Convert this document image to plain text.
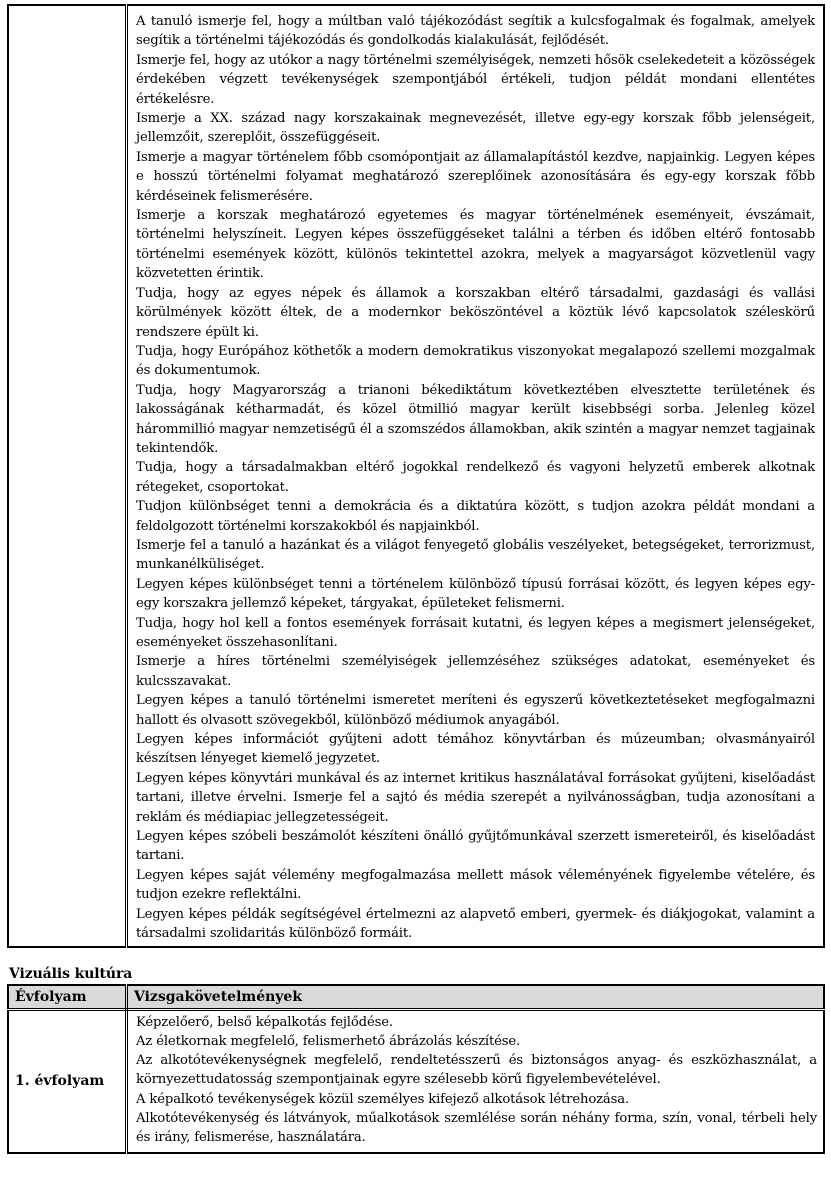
A tanuló ismerje fel, hogy a múltban való tájékozódást segítik a kulcsfogalmak és fogalmak, amelyek segítik a történelmi tájékozódás és gondolkodás kialakulását, fejlődését.

Ismerje fel, hogy az utókor a nagy történelmi személyiségek, nemzeti hősök cselekedeteit a közösségek érdekében végzett tevékenységek szempontjából értékeli, tudjon példát mondani ellentétes értékelésre.

Ismerje a XX. század nagy korszakainak megnevezését, illetve egy-egy korszak főbb jelenségeit, jellemzőit, szereplőit, összefüggéseit.

Ismerje a magyar történelem főbb csomópontjait az államalapítástól kezdve, napjainkig. Legyen képes e hosszú történelmi folyamat meghatározó szereplőinek azonosítására és egy-egy korszak főbb kérdéseinek felismerésére.

Ismerje a korszak meghatározó egyetemes és magyar történelmének eseményeit, évszámait, történelmi helyszíneit. Legyen képes összefüggéseket találni a térben és időben eltérő fontosabb történelmi események között, különös tekintettel azokra, melyek a magyarságot közvetlenül vagy közvetetten érintik.

Tudja, hogy az egyes népek és államok a korszakban eltérő társadalmi, gazdasági és vallási körülmények között éltek, de a modernkor beköszöntével a köztük lévő kapcsolatok széleskörű rendszere épült ki.

Tudja, hogy Európához köthetők a modern demokratikus viszonyokat megalapozó szellemi mozgalmak és dokumentumok.

Tudja, hogy Magyarország a trianoni békediktátum következtében elvesztette területének és lakosságának kétharmadát, és közel ötmillió magyar került kisebbségi sorba. Jelenleg közel hárommillió magyar nemzetiségű él a szomszédos államokban, akik szintén a magyar nemzet tagjainak tekintendők.

Tudja, hogy a társadalmakban eltérő jogokkal rendelkező és vagyoni helyzetű emberek alkotnak rétegeket, csoportokat.

Tudjon különbséget tenni a demokrácia és a diktatúra között, s tudjon azokra példát mondani a feldolgozott történelmi korszakokból és napjainkból.

Ismerje fel a tanuló a hazánkat és a világot fenyegető globális veszélyeket, betegségeket, terrorizmust, munkanélküliséget.

Legyen képes különbséget tenni a történelem különböző típusú forrásai között, és legyen képes egy-egy korszakra jellemző képeket, tárgyakat, épületeket felismerni.

Tudja, hogy hol kell a fontos események forrásait kutatni, és legyen képes a megismert jelenségeket, eseményeket összehasonlítani.

Ismerje a híres történelmi személyiségek jellemzéséhez szükséges adatokat, eseményeket és kulcsszavakat.

Legyen képes a tanuló történelmi ismeretet meríteni és egyszerű következtetéseket megfogalmazni hallott és olvasott szövegekből, különböző médiumok anyagából.

Legyen képes információt gyűjteni adott témához könyvtárban és múzeumban; olvasmányairól készítsen lényeget kiemelő jegyzetet.

Legyen képes könyvtári munkával és az internet kritikus használatával forrásokat gyűjteni, kiselőadást tartani, illetve érvelni. Ismerje fel a sajtó és média szerepét a nyilvánosságban, tudja azonosítani a reklám és médiapiac jellegzetességeit.

Legyen képes szóbeli beszámolót készíteni önálló gyűjtőmunkával szerzett ismereteiről, és kiselőadást tartani.

Legyen képes saját vélemény megfogalmazása mellett mások véleményének figyelembe vételére, és tudjon ezekre reflektálni.

Legyen képes példák segítségével értelmezni az alapvető emberi, gyermek- és diákjogokat, valamint a társadalmi szolidaritás különböző formáit.

Vizuális kultúra
Évfolyam	Vizsgakövetelmények
1. évfolyam	Képzelőerő, belső képalkotás fejlődése.

Az életkornak megfelelő, felismerhető ábrázolás készítése.

Az alkotótevékenységnek megfelelő, rendeltetésszerű és biztonságos anyag- és eszközhasználat, a környezettudatosság szempontjainak egyre szélesebb körű figyelembevételével.

A képalkotó tevékenységek közül személyes kifejező alkotások létrehozása.

Alkotótevékenység és látványok, műalkotások szemlélése során néhány forma, szín, vonal, térbeli hely és irány, felismerése, használatára.
